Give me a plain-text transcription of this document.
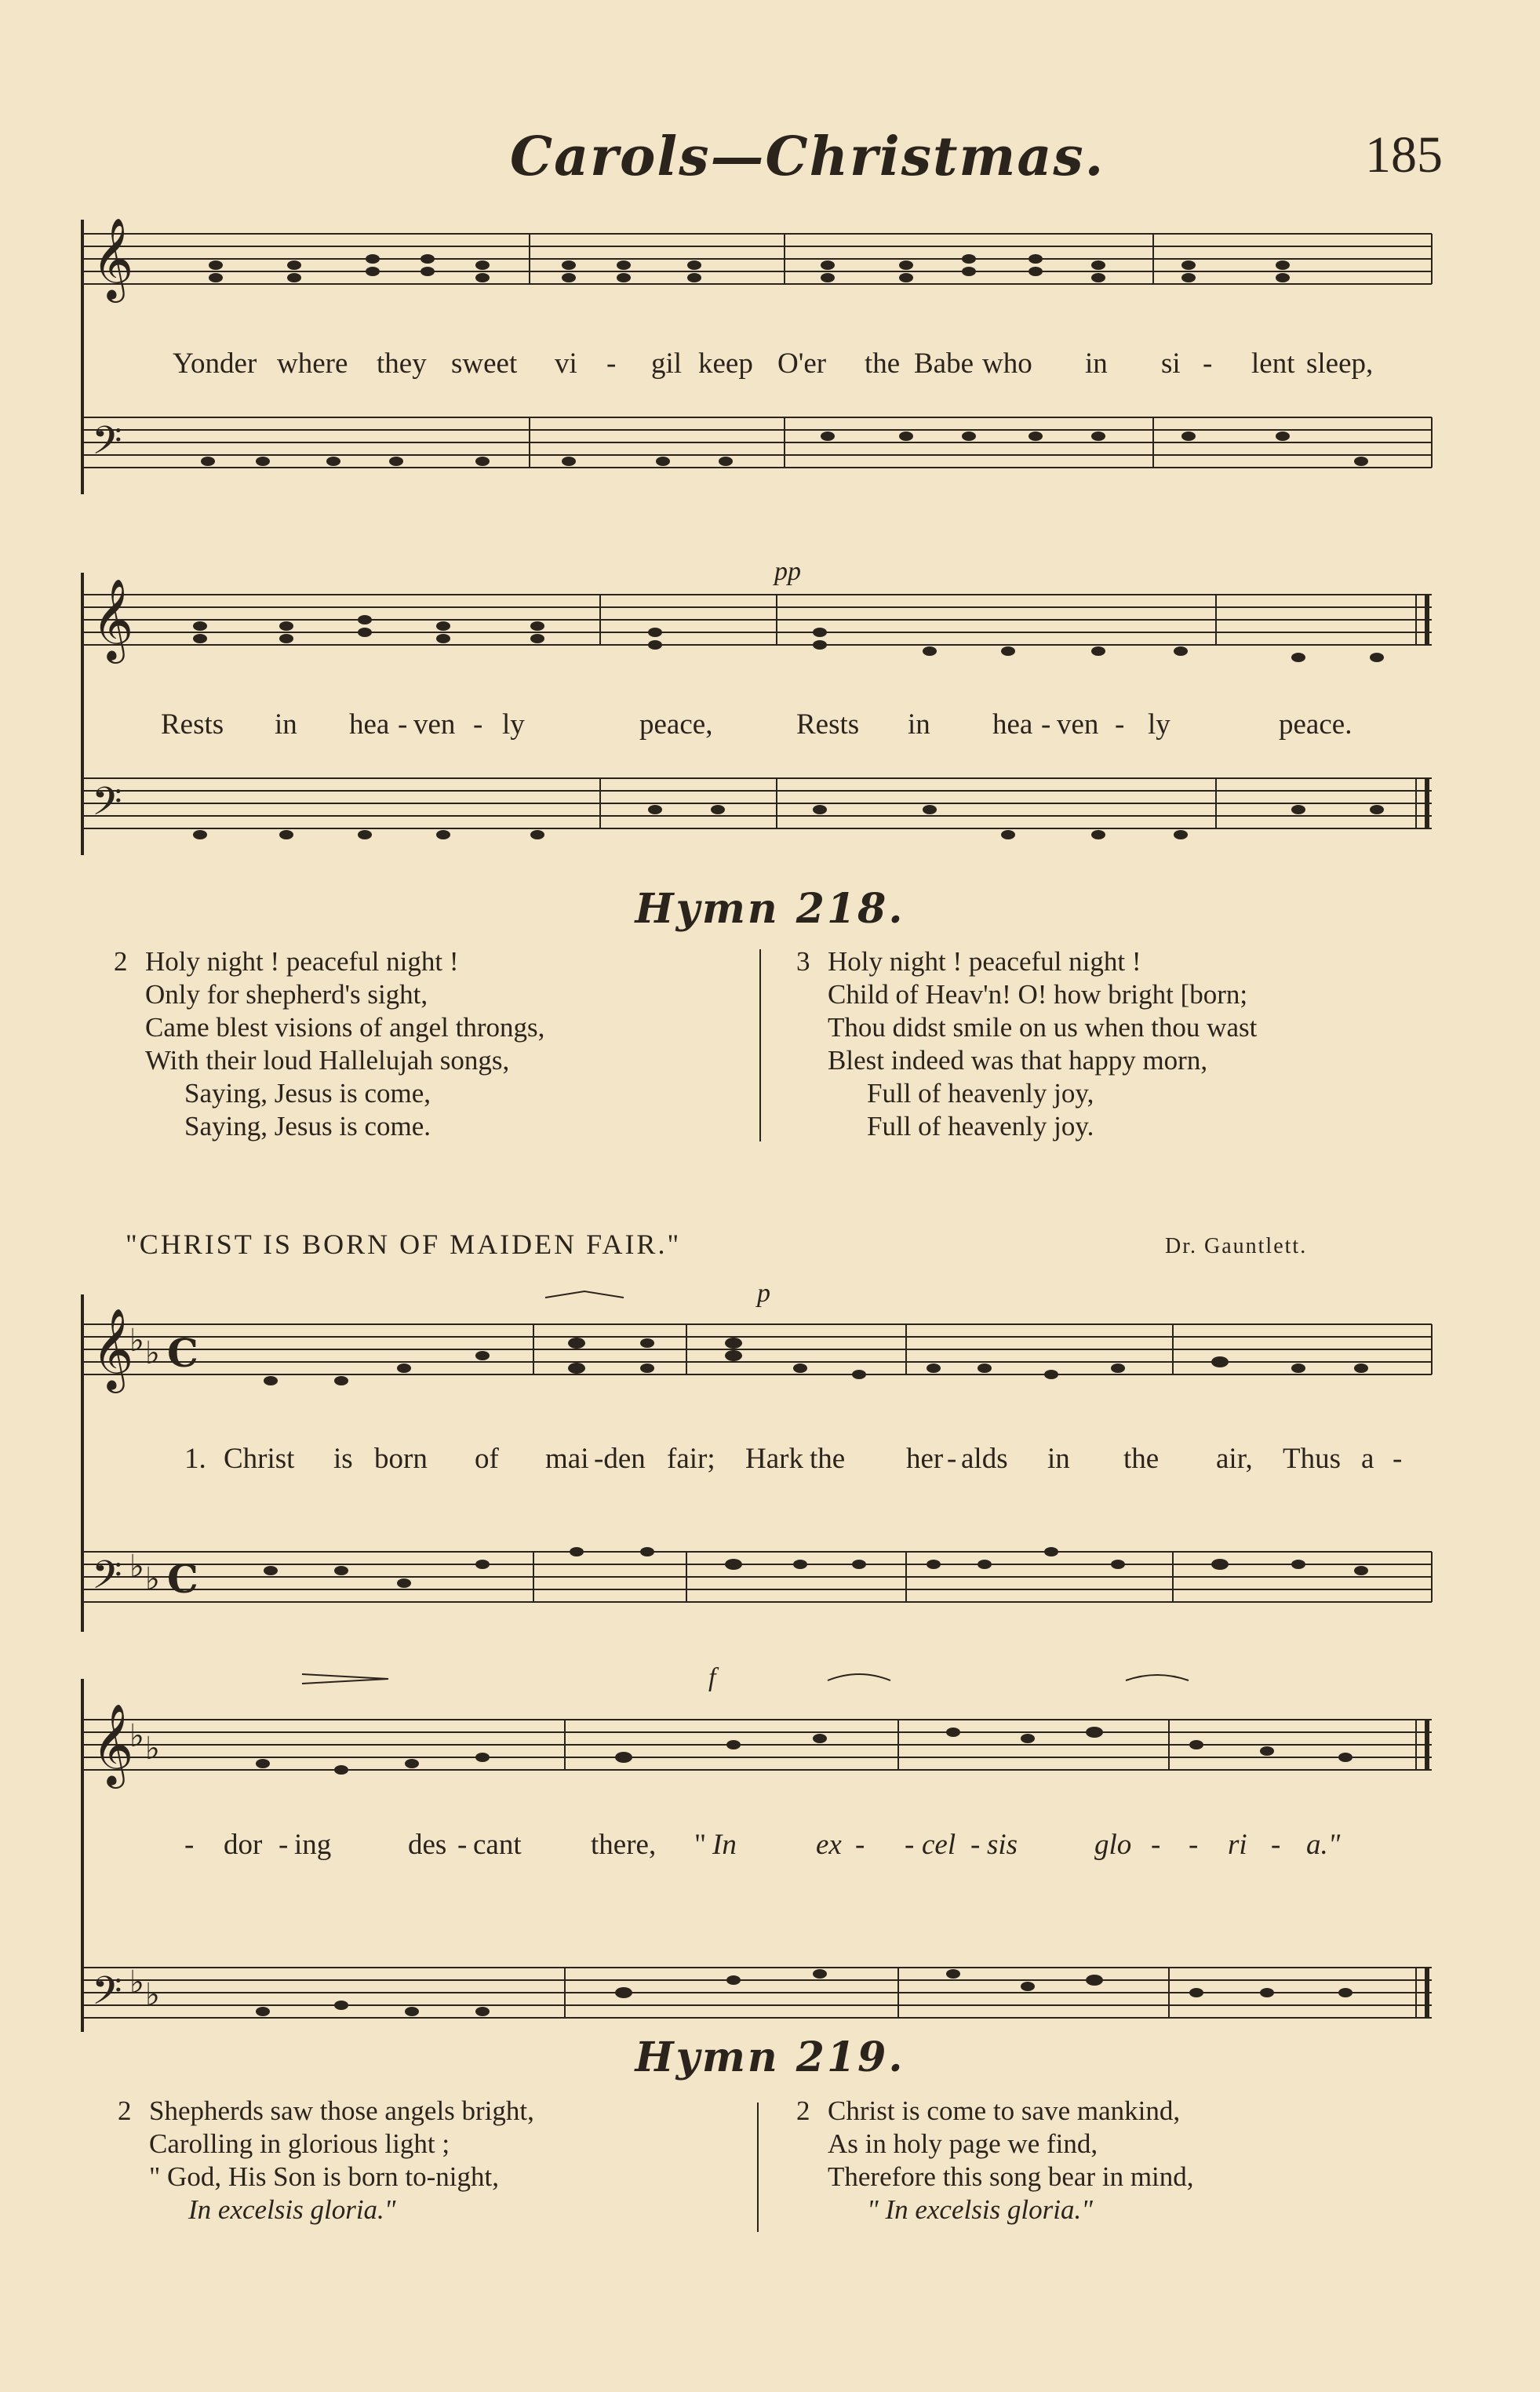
Carols—Christmas.	185
𝄞
𝄢
Yonder where they sweet vi - gil keep O'er the Babe who in si - lent sleep,
𝄞
𝄢
pp
Rests in hea - ven - ly	peace,	Rests in hea - ven - ly	peace.
Hymn 218.
2 Holy night ! peaceful night !
Only for shepherd's sight,
Came blest visions of angel throngs,
With their loud Hallelujah songs,
Saying, Jesus is come,
Saying, Jesus is come.
3 Holy night ! peaceful night !
Child of Heav'n! O! how bright [born;
Thou didst smile on us when thou wast
Blest indeed was that happy morn,
Full of heavenly joy,
Full of heavenly joy.
"CHRIST IS BORN OF MAIDEN FAIR."	Dr. Gauntlett.
𝄞
𝄢
♭ ♭ C
♭ ♭ C
p
1. Christ is born of mai -den fair; Hark the her - alds in the air, Thus a -
𝄞
𝄢
♭ ♭
♭ ♭
f
- dor - ing	des - cant there, " In	ex - - cel - sis	glo - - ri - a."
Hymn 219.
2 Shepherds saw those angels bright,
Carolling in glorious light ;
" God, His Son is born to-night,
In excelsis gloria."
2 Christ is come to save mankind,
As in holy page we find,
Therefore this song bear in mind,
" In excelsis gloria."
